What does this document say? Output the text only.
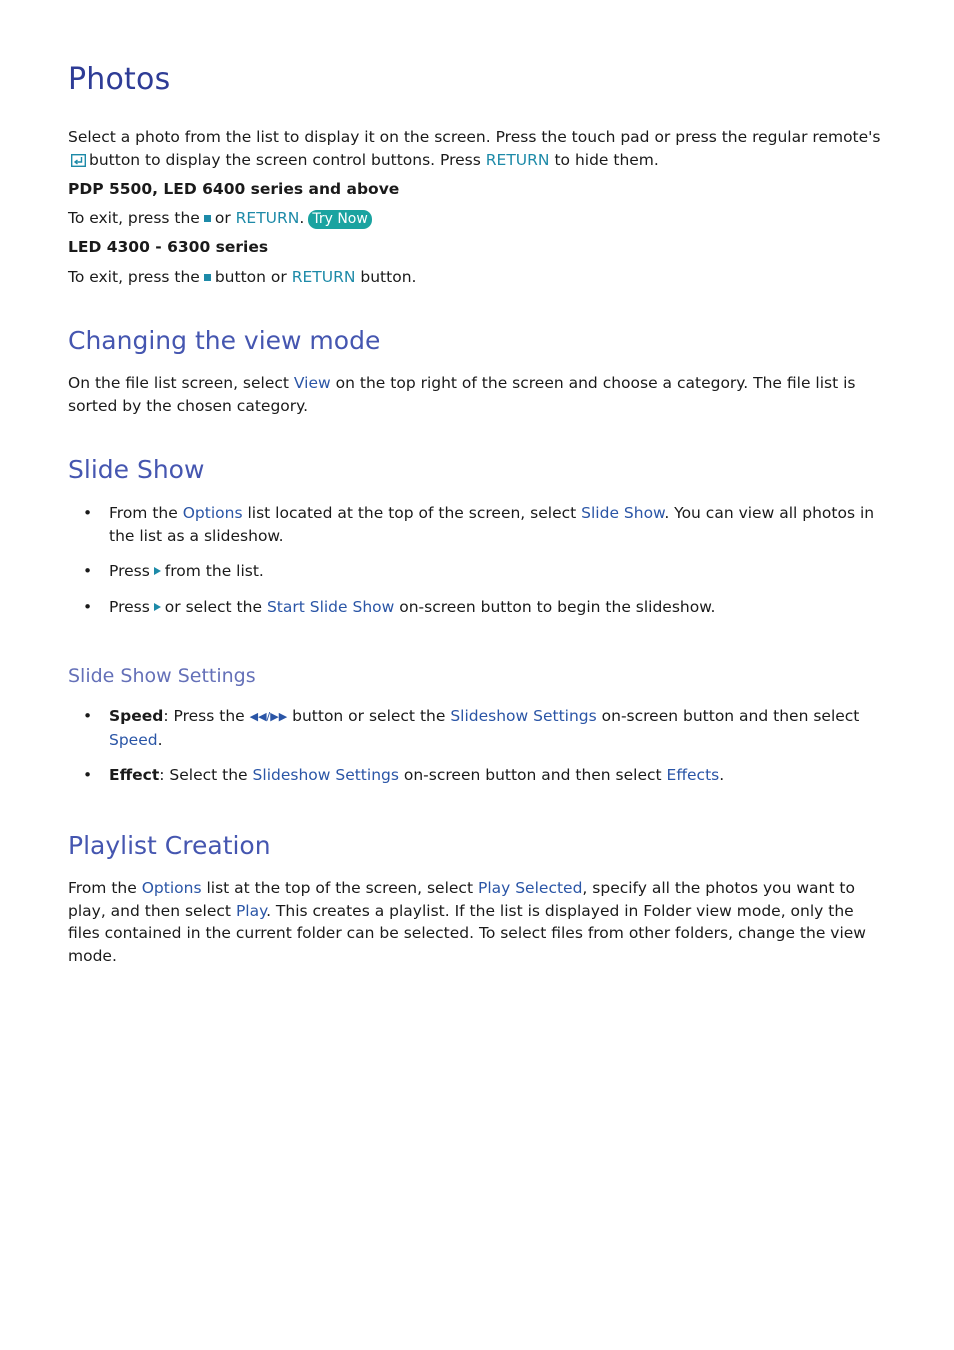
Photos

Select a photo from the list to display it on the screen. Press the touch pad or press the regular remote's button to display the screen control buttons. Press RETURN to hide them.

PDP 5500, LED 6400 series and above

To exit, press the or RETURN. Try Now

LED 4300 - 6300 series

To exit, press the button or RETURN button.

Changing the view mode

On the file list screen, select View on the top right of the screen and choose a category. The file list is sorted by the chosen category.

Slide Show
• From the Options list located at the top of the screen, select Slide Show. You can view all photos in the list as a slideshow.
• Press from the list.
• Press or select the Start Slide Show on-screen button to begin the slideshow.
Slide Show Settings
• Speed: Press the ◀◀/▶▶ button or select the Slideshow Settings on-screen button and then select Speed.
• Effect: Select the Slideshow Settings on-screen button and then select Effects.
Playlist Creation

From the Options list at the top of the screen, select Play Selected, specify all the photos you want to play, and then select Play. This creates a playlist. If the list is displayed in Folder view mode, only the files contained in the current folder can be selected. To select files from other folders, change the view mode.
